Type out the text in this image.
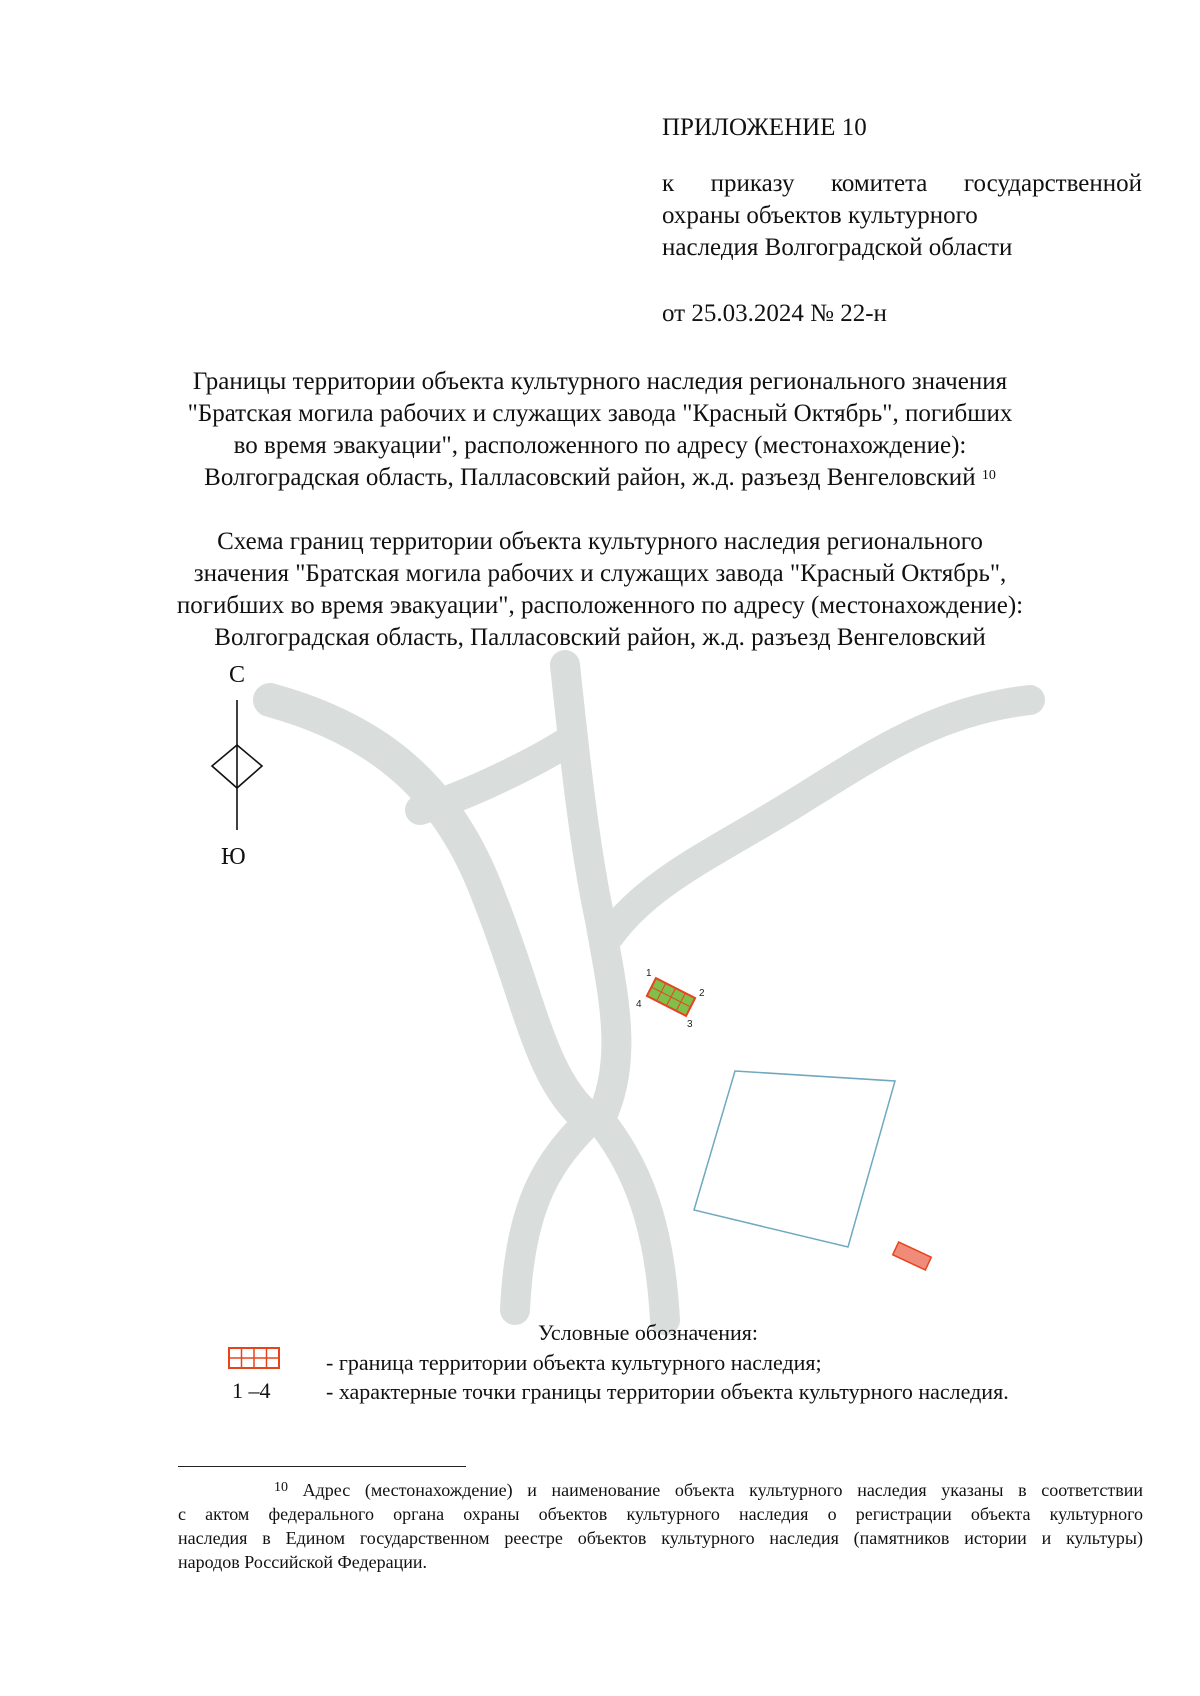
ПРИЛОЖЕНИЕ 10
к приказу комитета государственной
охраны объектов культурного
наследия Волгоградской области
от 25.03.2024 № 22-н
Границы территории объекта культурного наследия регионального значения
"Братская могила рабочих и служащих завода "Красный Октябрь", погибших
во время эвакуации", расположенного по адресу (местонахождение):
Волгоградская область, Палласовский район, ж.д. разъезд Венгеловский $^{10}$
Схема границ территории объекта культурного наследия регионального
значения "Братская могила рабочих и служащих завода "Красный Октябрь",
погибших во время эвакуации", расположенного по адресу (местонахождение):
Волгоградская область, Палласовский район, ж.д. разъезд Венгеловский
1
2
3
4
С
Ю
Условные обозначения:
- граница территории объекта культурного наследия;
1 –4	- характерные точки границы территории объекта культурного наследия.
$^{10}$ Адрес (местонахождение) и наименование объекта культурного наследия указаны в соответствии
с актом федерального органа охраны объектов культурного наследия о регистрации объекта культурного
наследия в Едином государственном реестре объектов культурного наследия (памятников истории и культуры)
народов Российской Федерации.
